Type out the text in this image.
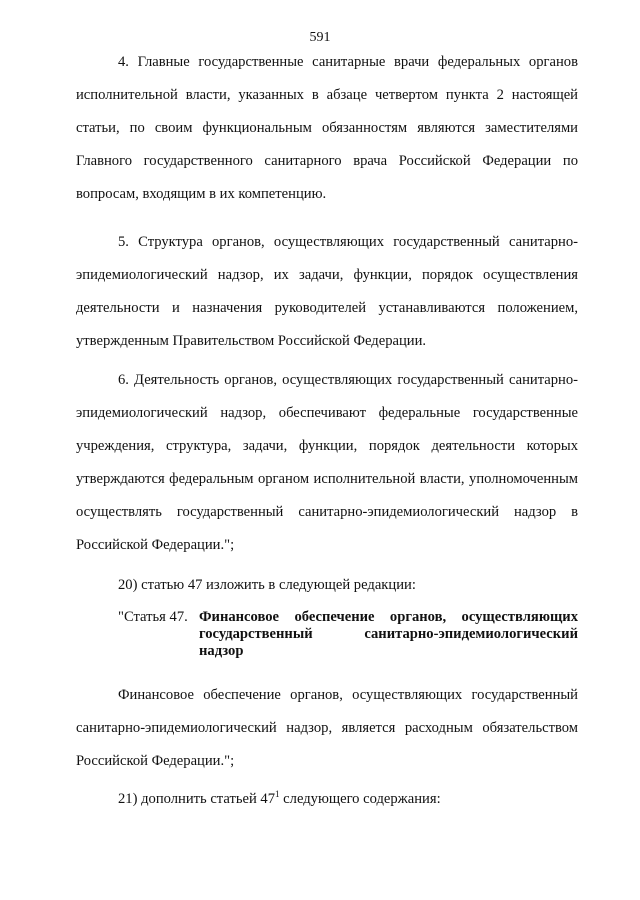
591

4. Главные государственные санитарные врачи федеральных органов исполнительной власти, указанных в абзаце четвертом пункта 2 настоящей статьи, по своим функциональным обязанностям являются заместителями Главного государственного санитарного врача Российской Федерации по вопросам, входящим в их компетенцию.

5. Структура органов, осуществляющих государственный санитарно-эпидемиологический надзор, их задачи, функции, порядок осуществления деятельности и назначения руководителей устанавливаются положением, утвержденным Правительством Российской Федерации.

6. Деятельность органов, осуществляющих государственный санитарно-эпидемиологический надзор, обеспечивают федеральные государственные учреждения, структура, задачи, функции, порядок деятельности которых утверждаются федеральным органом исполнительной власти, уполномоченным осуществлять государственный санитарно-эпидемиологический надзор в Российской Федерации.";

20) статью 47 изложить в следующей редакции:

"Статья 47. Финансовое обеспечение органов, осуществляющих государственный санитарно-эпидемиологический надзор

Финансовое обеспечение органов, осуществляющих государственный санитарно-эпидемиологический надзор, является расходным обязательством Российской Федерации.";

21) дополнить статьей $47^1$ следующего содержания:
